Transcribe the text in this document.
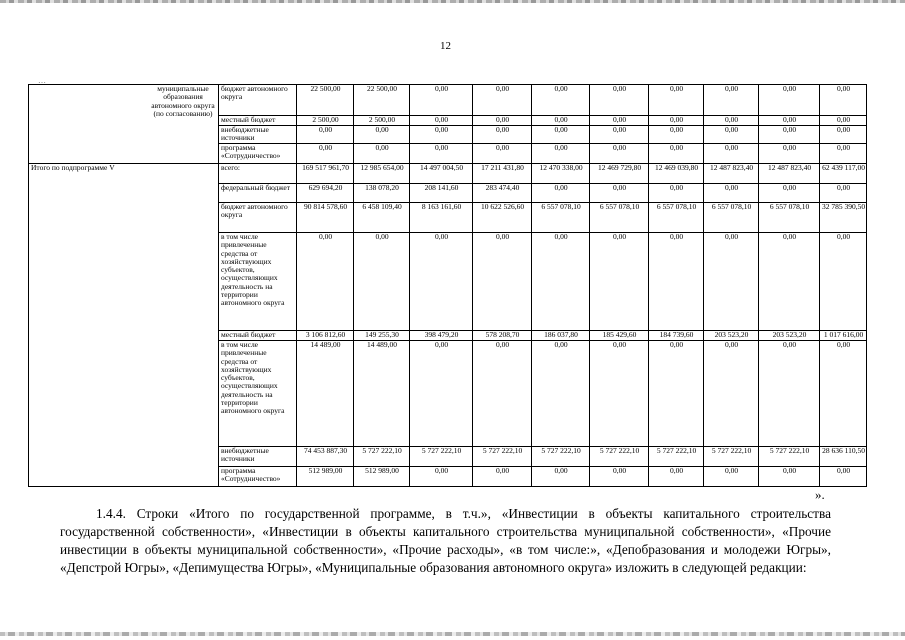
12
…
муниципальные образования автономного округа (по согласованию)	бюджет автономного округа	22 500,00	22 500,00	0,00	0,00	0,00	0,00	0,00	0,00	0,00	0,00
	местный бюджет	2 500,00	2 500,00	0,00	0,00	0,00	0,00	0,00	0,00	0,00	0,00
	внебюджетные источники	0,00	0,00	0,00	0,00	0,00	0,00	0,00	0,00	0,00	0,00
	программа «Сотрудничество»	0,00	0,00	0,00	0,00	0,00	0,00	0,00	0,00	0,00	0,00
Итого по подпрограмме V	всего:	169 517 961,70	12 985 654,00	14 497 004,50	17 211 431,80	12 470 338,00	12 469 729,80	12 469 039,80	12 487 823,40	12 487 823,40	62 439 117,00
	федеральный бюджет	629 694,20	138 078,20	208 141,60	283 474,40	0,00	0,00	0,00	0,00	0,00	0,00
	бюджет автономного округа	90 814 578,60	6 458 109,40	8 163 161,60	10 622 526,60	6 557 078,10	6 557 078,10	6 557 078,10	6 557 078,10	6 557 078,10	32 785 390,50
	в том числе привлеченные средства от хозяйствующих субъектов, осуществляющих деятельность на территории автономного округа	0,00	0,00	0,00	0,00	0,00	0,00	0,00	0,00	0,00	0,00
	местный бюджет	3 106 812,60	149 255,30	398 479,20	578 208,70	186 037,80	185 429,60	184 739,60	203 523,20	203 523,20	1 017 616,00
	в том числе привлеченные средства от хозяйствующих субъектов, осуществляющих деятельность на территории автономного округа	14 489,00	14 489,00	0,00	0,00	0,00	0,00	0,00	0,00	0,00	0,00
	внебюджетные источники	74 453 887,30	5 727 222,10	5 727 222,10	5 727 222,10	5 727 222,10	5 727 222,10	5 727 222,10	5 727 222,10	5 727 222,10	28 636 110,50
	программа «Сотрудничество»	512 989,00	512 989,00	0,00	0,00	0,00	0,00	0,00	0,00	0,00	0,00
».
1.4.4. Строки «Итого по государственной программе, в т.ч.», «Инвестиции в объекты капитального строительства государственной собственности», «Инвестиции в объекты капитального строительства муниципальной собственности», «Прочие инвестиции в объекты муниципальной собственности», «Прочие расходы», «в том числе:», «Депобразования и молодежи Югры», «Депстрой Югры», «Депимущества Югры», «Муниципальные образования автономного округа» изложить в следующей редакции:
